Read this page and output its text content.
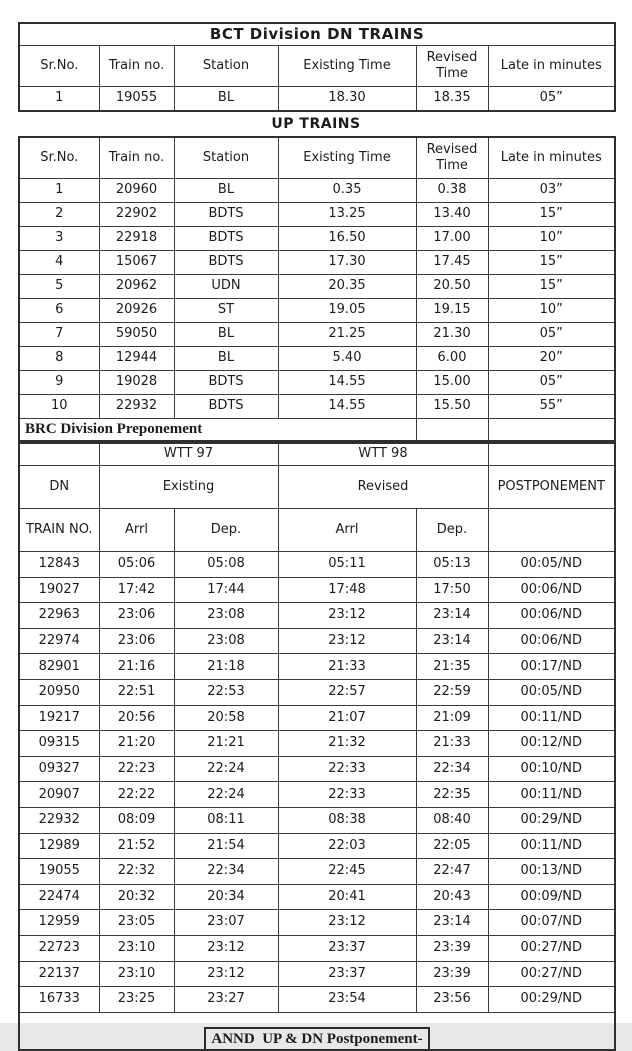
BCT Division DN TRAINS					
Sr.No.	Train no.	Station	Existing Time	Revised Time	Late in minutes
1	19055	BL	18.30	18.35	05”
UP TRAINS
Sr.No.	Train no.	Station	Existing Time	Revised Time	Late in minutes
1	20960	BL	0.35	0.38	03”
2	22902	BDTS	13.25	13.40	15”
3	22918	BDTS	16.50	17.00	10”
4	15067	BDTS	17.30	17.45	15”
5	20962	UDN	20.35	20.50	15”
6	20926	ST	19.05	19.15	10”
7	59050	BL	21.25	21.30	05”
8	12944	BL	5.40	6.00	20”
9	19028	BDTS	14.55	15.00	05”
10	22932	BDTS	14.55	15.50	55”
BRC Division Preponement					
	WTT 97		WTT 98		
DN	Existing		Revised		POSTPONEMENT
TRAIN NO.	Arrl	Dep.	Arrl	Dep.	
12843	05:06	05:08	05:11	05:13	00:05/ND
19027	17:42	17:44	17:48	17:50	00:06/ND
22963	23:06	23:08	23:12	23:14	00:06/ND
22974	23:06	23:08	23:12	23:14	00:06/ND
82901	21:16	21:18	21:33	21:35	00:17/ND
20950	22:51	22:53	22:57	22:59	00:05/ND
19217	20:56	20:58	21:07	21:09	00:11/ND
09315	21:20	21:21	21:32	21:33	00:12/ND
09327	22:23	22:24	22:33	22:34	00:10/ND
20907	22:22	22:24	22:33	22:35	00:11/ND
22932	08:09	08:11	08:38	08:40	00:29/ND
12989	21:52	21:54	22:03	22:05	00:11/ND
19055	22:32	22:34	22:45	22:47	00:13/ND
22474	20:32	20:34	20:41	20:43	00:09/ND
12959	23:05	23:07	23:12	23:14	00:07/ND
22723	23:10	23:12	23:37	23:39	00:27/ND
22137	23:10	23:12	23:37	23:39	00:27/ND
16733	23:25	23:27	23:54	23:56	00:29/ND
ANND  UP & DN Postponement-					
